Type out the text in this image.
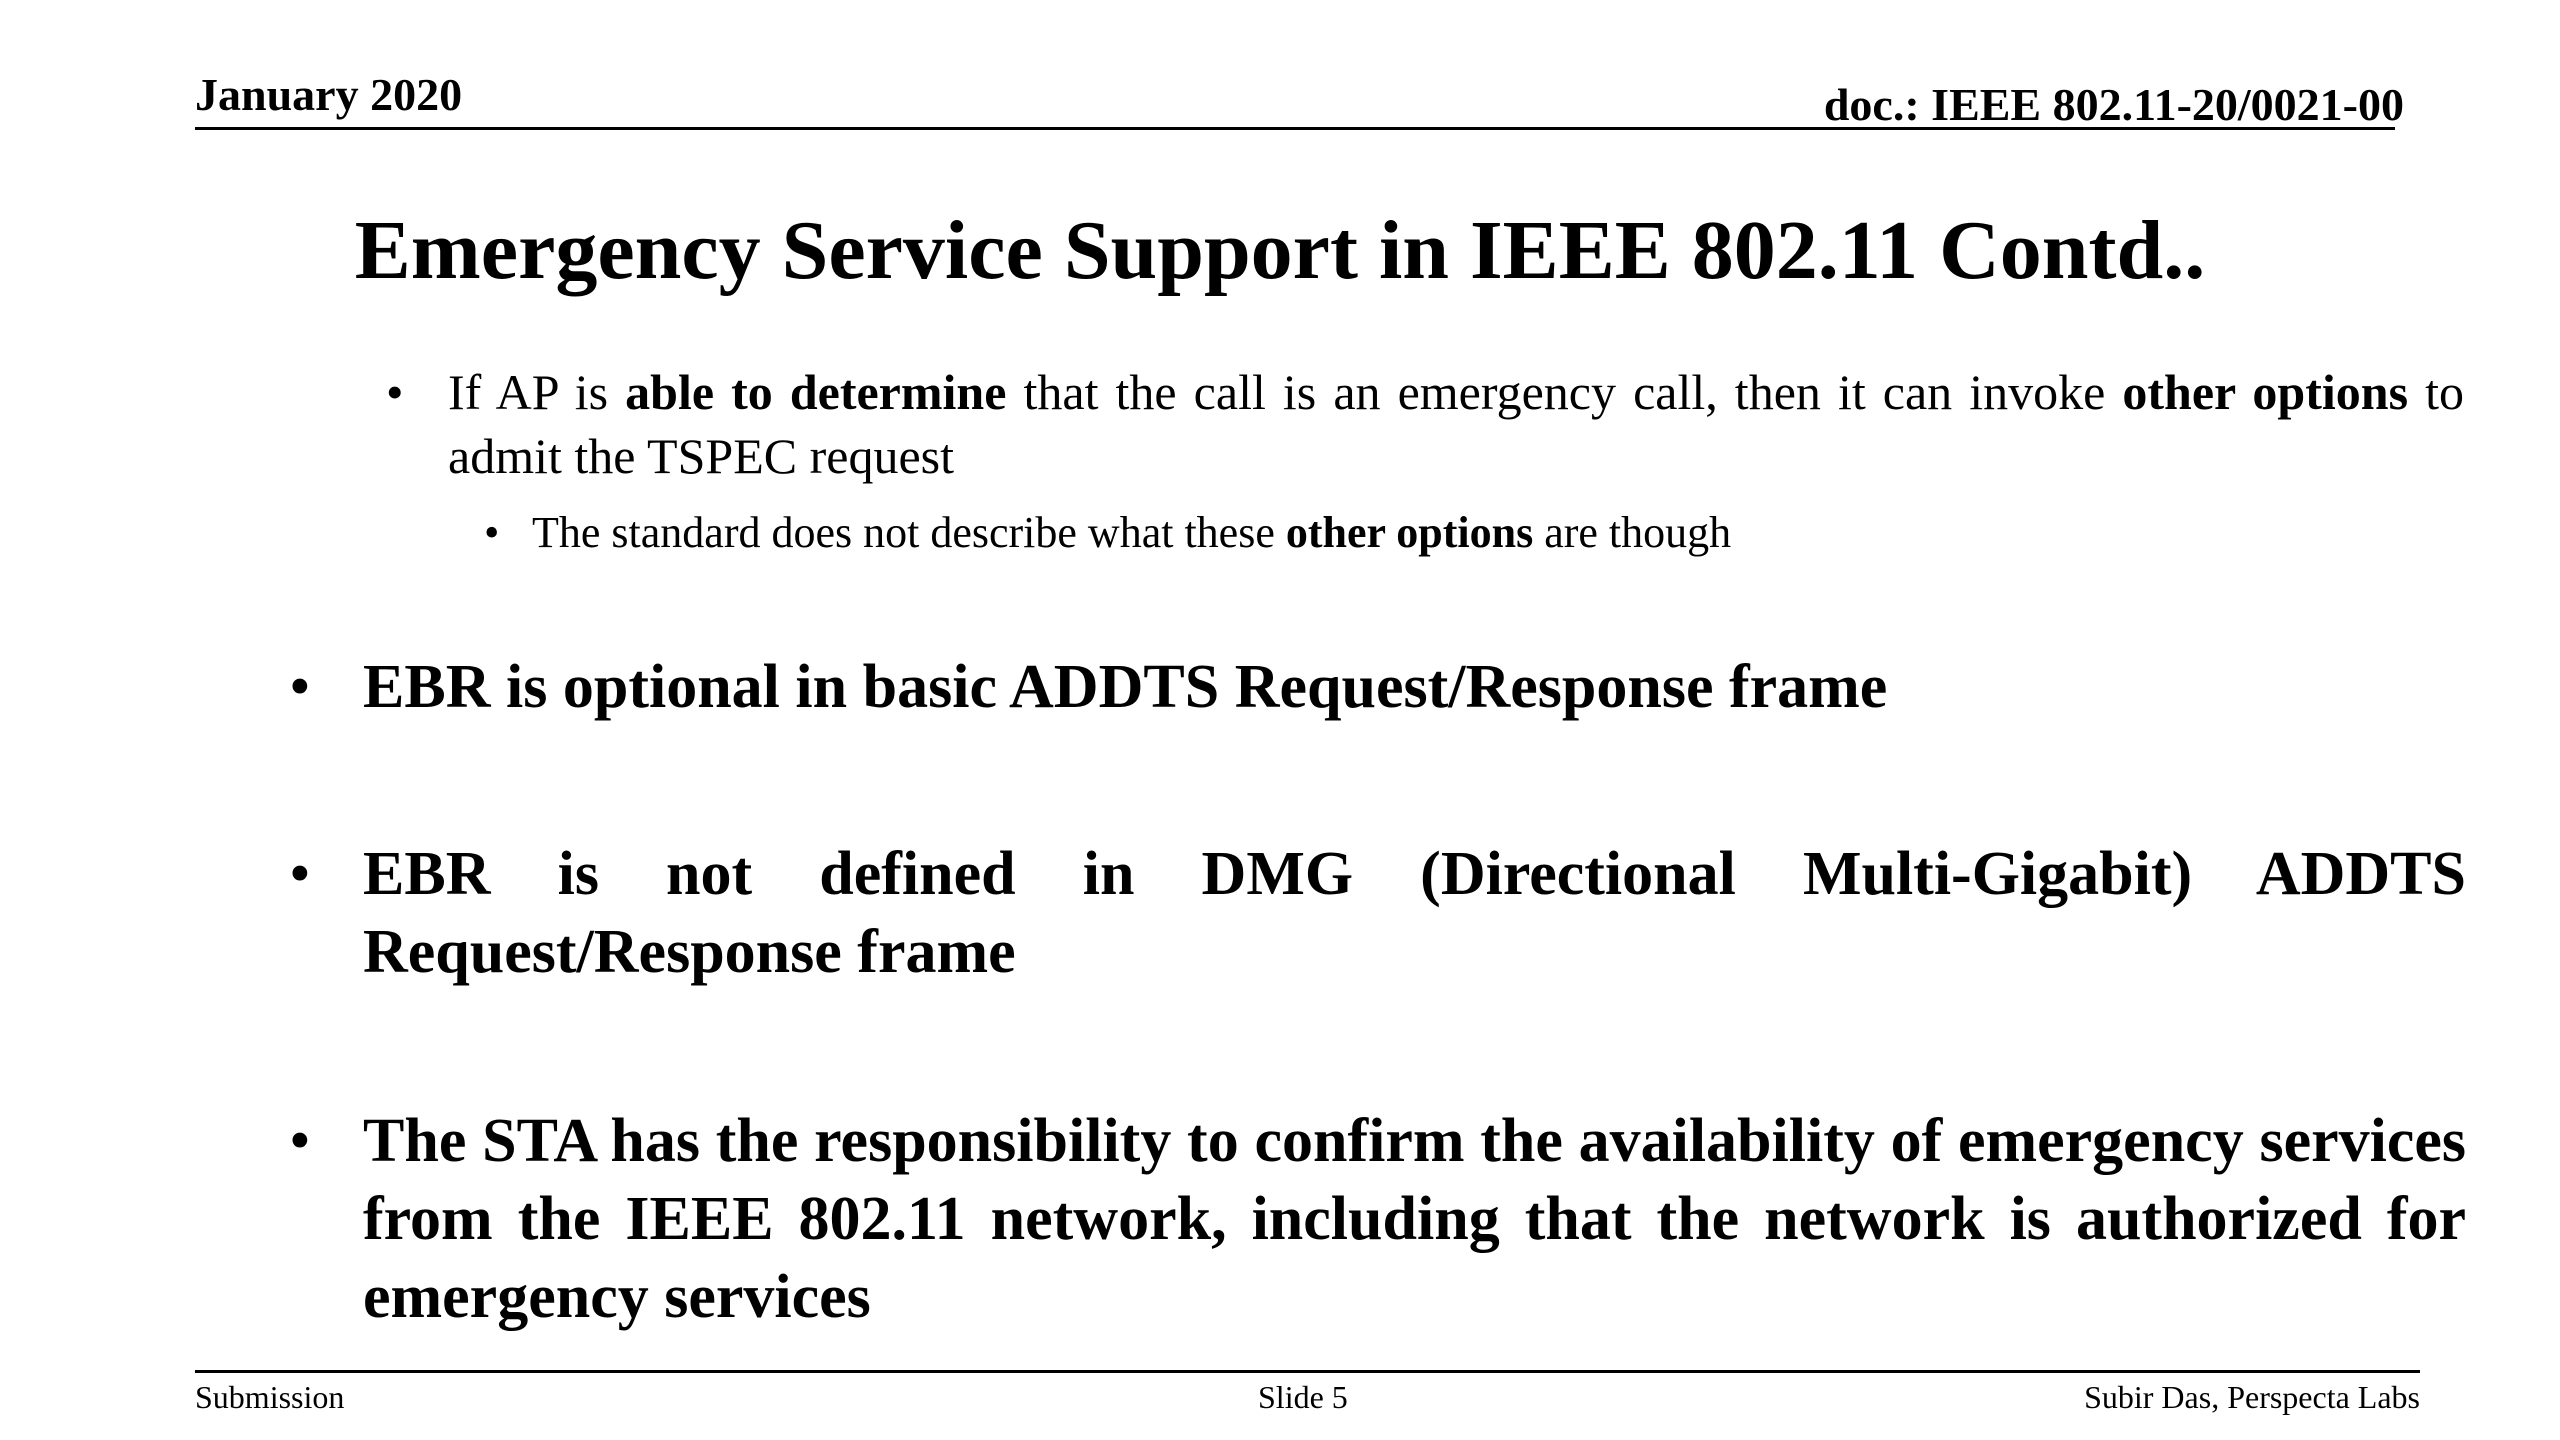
January 2020	doc.: IEEE 802.11-20/0021-00
Emergency Service Support in IEEE 802.11 Contd..
• If AP is able to determine that the call is an emergency call, then it can invoke other options to admit the TSPEC request
• The standard does not describe what these other options are though
• EBR is optional in basic ADDTS Request/Response frame
• EBR is not defined in DMG (Directional Multi-Gigabit) ADDTS Request/Response frame
• The STA has the responsibility to confirm the availability of emergency services from the IEEE 802.11 network, including that the network is authorized for emergency services
Submission	Slide 5	Subir Das, Perspecta Labs
